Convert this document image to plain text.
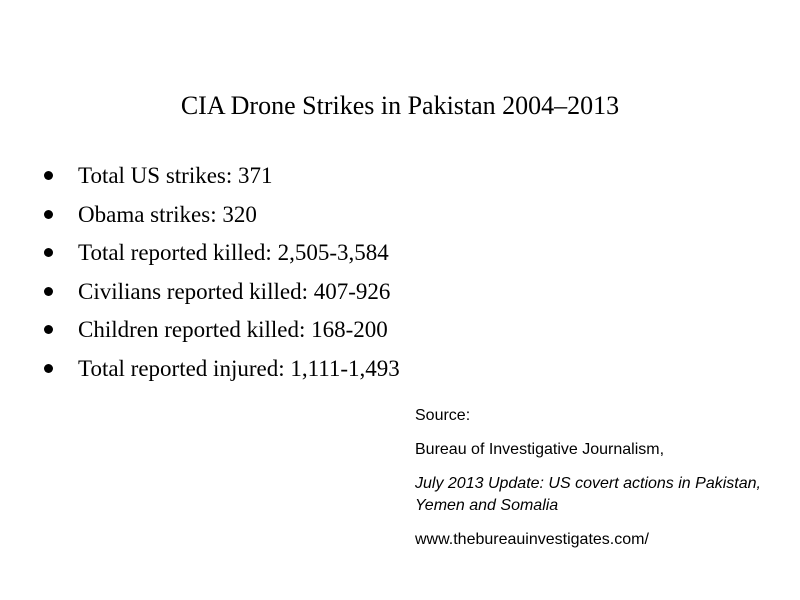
CIA Drone Strikes in Pakistan 2004–2013
Total US strikes: 371
Obama strikes: 320
Total reported killed: 2,505-3,584
Civilians reported killed: 407-926
Children reported killed: 168-200
Total reported injured: 1,111-1,493

Source:

Bureau of Investigative Journalism,

July 2013 Update: US covert actions in Pakistan, Yemen and Somalia

www.thebureauinvestigates.com/
